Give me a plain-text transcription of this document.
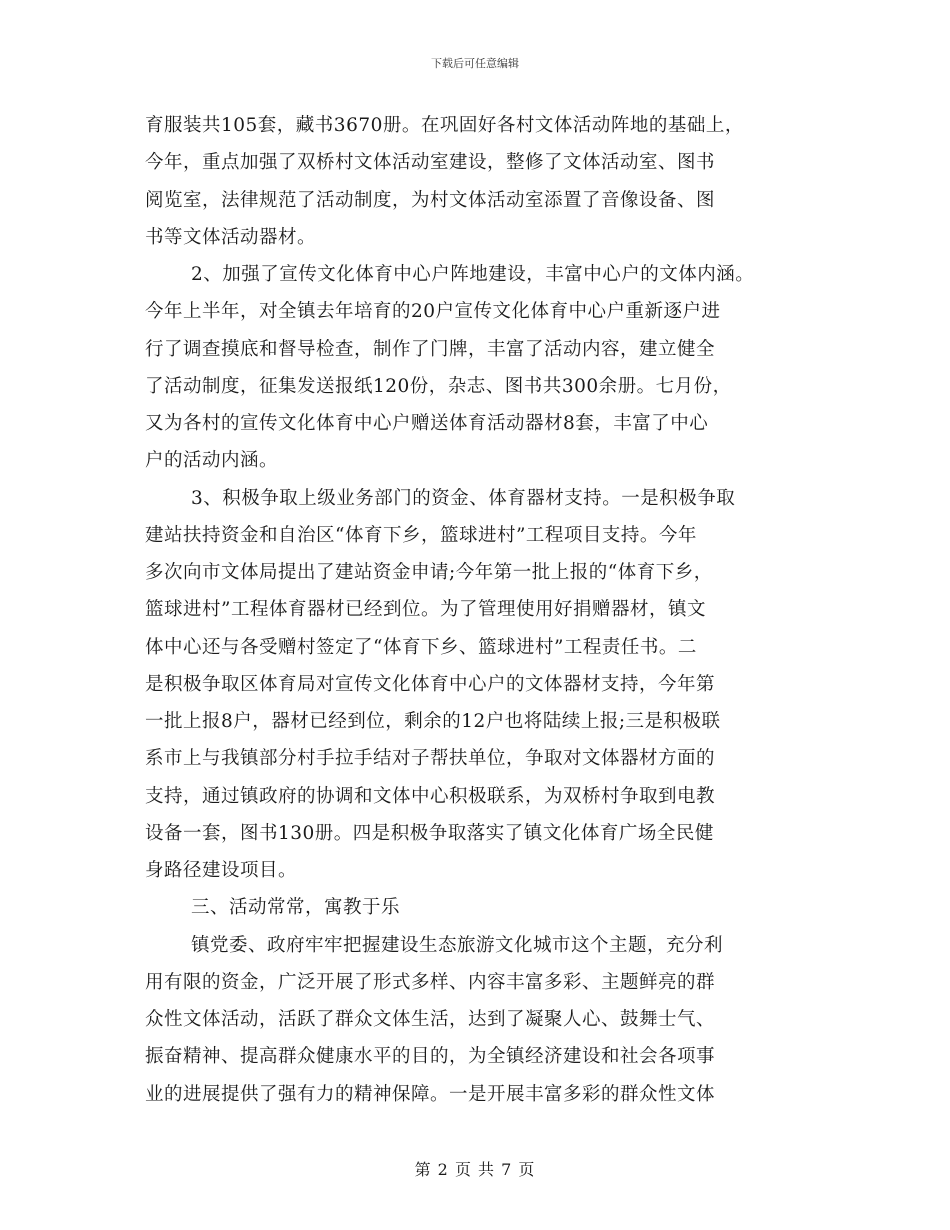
下载后可任意编辑
育服装共105套，藏书3670册。在巩固好各村文体活动阵地的基础上，
今年，重点加强了双桥村文体活动室建设，整修了文体活动室、图书
阅览室，法律规范了活动制度，为村文体活动室添置了音像设备、图
书等文体活动器材。
2、加强了宣传文化体育中心户阵地建设，丰富中心户的文体内涵。
今年上半年，对全镇去年培育的20户宣传文化体育中心户重新逐户进
行了调查摸底和督导检查，制作了门牌，丰富了活动内容，建立健全
了活动制度，征集发送报纸120份，杂志、图书共300余册。七月份，
又为各村的宣传文化体育中心户赠送体育活动器材8套，丰富了中心
户的活动内涵。
3、积极争取上级业务部门的资金、体育器材支持。一是积极争取
建站扶持资金和自治区“体育下乡，篮球进村”工程项目支持。今年
多次向市文体局提出了建站资金申请;今年第一批上报的“体育下乡，
篮球进村”工程体育器材已经到位。为了管理使用好捐赠器材，镇文
体中心还与各受赠村签定了“体育下乡、篮球进村”工程责任书。二
是积极争取区体育局对宣传文化体育中心户的文体器材支持，今年第
一批上报8户，器材已经到位，剩余的12户也将陆续上报;三是积极联
系市上与我镇部分村手拉手结对子帮扶单位，争取对文体器材方面的
支持，通过镇政府的协调和文体中心积极联系，为双桥村争取到电教
设备一套，图书130册。四是积极争取落实了镇文化体育广场全民健
身路径建设项目。
三、活动常常，寓教于乐
镇党委、政府牢牢把握建设生态旅游文化城市这个主题，充分利
用有限的资金，广泛开展了形式多样、内容丰富多彩、主题鲜亮的群
众性文体活动，活跃了群众文体生活，达到了凝聚人心、鼓舞士气、
振奋精神、提高群众健康水平的目的，为全镇经济建设和社会各项事
业的进展提供了强有力的精神保障。一是开展丰富多彩的群众性文体
第 2 页 共 7 页
